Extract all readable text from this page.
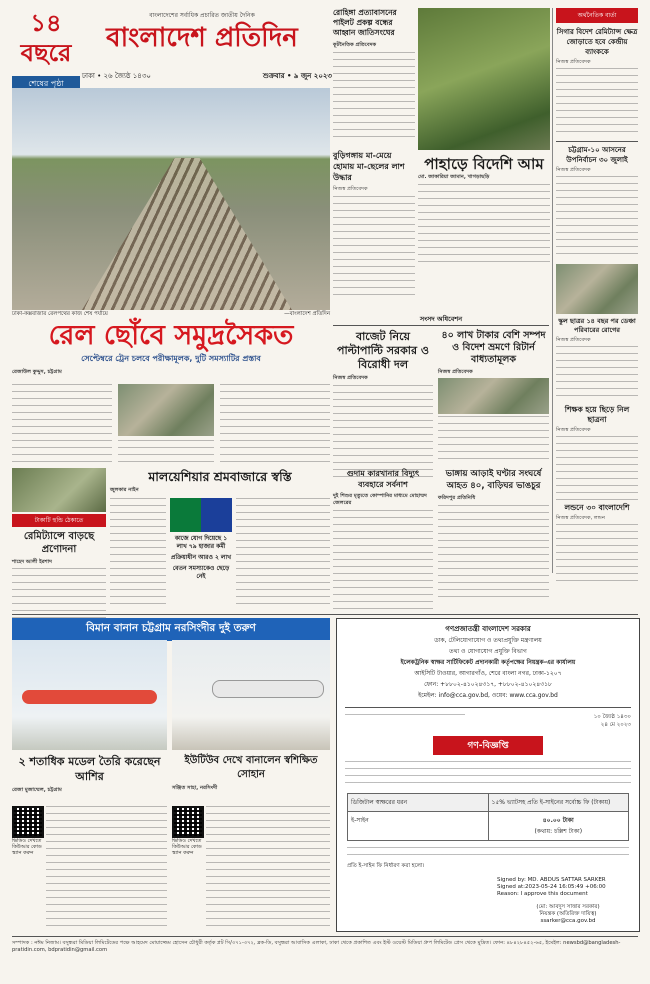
১৪ বছরে
শেষের পৃষ্ঠা
বাংলাদেশের সর্বাধিক প্রচারিত জাতীয় দৈনিক
বাংলাদেশ প্রতিদিন
ঢাকা • ২৬ জ্যৈষ্ঠ ১৪৩০	শুক্রবার • ৯ জুন ২০২৩
রোহিঙ্গা প্রত্যাবাসনের পাইলট প্রকল্প বন্ধের আহ্বান জাতিসংঘের
কূটনৈতিক প্রতিবেদক
বুড়িগঙ্গায় মা-মেয়ে হোমায় মা-ছেলের লাশ উদ্ধার
নিজস্ব প্রতিবেদক
পাহাড়ে বিদেশি আম
মো. জাকারিয়া জামান, খাগড়াছড়ি
ঢাকা-কক্সবাজার রেলপথের কাজ শেষ পর্যায়ে	—বাংলাদেশ প্রতিদিন
অর্থনৈতিক বার্তা
সিগার বিদেশ রেমিট্যান্স ক্ষেত্র জোড়াতে হবে কেন্দ্রীয় ব্যাংককে
নিজস্ব প্রতিবেদক
চট্টগ্রাম-১০ আসনের উপনির্বাচন ৩০ জুলাই
নিজস্ব প্রতিবেদক
স্কুল ছাত্রর ১৪ বছর পর ডেঞ্চা পরিবারের রোগের
নিজস্ব প্রতিবেদক
শিক্ষক হয়ে ছিড়ে নিল ছাত্রনা
নিজস্ব প্রতিবেদক
লন্ডনে ৩০ বাংলাদেশি
নিজস্ব প্রতিবেদক, লন্ডন
রেল ছোঁবে সমুদ্রসৈকত
সেপ্টেম্বরে ট্রেন চলবে পরীক্ষামূলক, দুটি সমস্যাটির প্রস্তাব
রেজাউল কুদ্দুস, চট্টগ্রাম
সংসদ অধিবেশন
বাজেট নিয়ে পাল্টাপাল্টি সরকার ও বিরোধী দল
নিজস্ব প্রতিবেদক
৪০ লাখ টাকার বেশি সম্পদ ও বিদেশ ভ্রমণে রিটার্ন বাধ্যতামূলক
নিজস্ব প্রতিবেদক
টাকাটি হুন্ডি ঠেকাতে
রেমিট্যান্সে বাড়ছে প্রণোদনা
শাহেদ আলী ইরশাদ
মালয়েশিয়ার শ্রমবাজারে স্বস্তি
জুলকার নাইন
কাজে যোগ দিয়েছে ১ লাখ ৭৯ হাজার কর্মী
প্রক্রিয়াধীন আরও ২ লাখ
বেতন সমস্যাকেও ছেড়ে নেই
গুদাম কারখানার বিদ্যুৎ ব্যবহারে সর্বনাশ
দুই শিশুর মৃত্যুতে কোম্পানির মাধ্যমে মোহাম্মদ জেলরের
ভাঙ্গায় আড়াই ঘণ্টার সংঘর্ষে আহত ৪০, বাড়িঘর ভাঙচুর
ফরিদপুর প্রতিনিধি
বিমান বানান চট্টগ্রাম নরসিংদীর দুই তরুণ
২ শতাধিক মডেল তৈরি করেছেন আশির
রেজা মুজাম্মেল, চট্টগ্রাম
ভিডিও দেখতে কিউআর কোড স্ক্যান করুন
ইউটিউব দেখে বানালেন স্বশিক্ষিত সোহান
সঞ্জিত সাহা, নরসিংদী
ভিডিও দেখতে কিউআর কোড স্ক্যান করুন
গণপ্রজাতন্ত্রী বাংলাদেশ সরকার
ডাক, টেলিযোগাযোগ ও তথ্যপ্রযুক্তি মন্ত্রণালয়
তথ্য ও যোগাযোগ প্রযুক্তি বিভাগ
ইলেকট্রনিক স্বাক্ষর সার্টিফিকেট প্রদানকারী কর্তৃপক্ষের নিয়ন্ত্রক-এর কার্যালয়
আইসিটি টাওয়ার, আগারগাঁও, শেরে বাংলা নগর, ঢাকা-১২০৭
ফোন: +৮৮০২-৪১০২৪৩১৭, +৮৮০২-৪১০২৪৩১৮
ইমেইল: info@cca.gov.bd, ওয়েব: www.cca.gov.bd
১০ জ্যৈষ্ঠ ১৪৩০
২৪ মে ২০২৩
গণ-বিজ্ঞপ্তি
ডিজিটাল স্বাক্ষরের ধরন	১৫% ভ্যাটসহ প্রতি ই-সাইনের সর্বোচ্চ ফি (টাকায়)
ই-সাইন	৪০.০০ টাকা
(কথায়: চল্লিশ টাকা)
প্রতি ই-সাইন ফি নির্ধারণ করা হলো।
Signed by: MD. ABDUS SATTAR SARKER
Signed at:2023-05-24 16:05:49 +06:00
Reason: I approve this document
(মো: আবদুস সাত্তার সরকার)
নিয়ন্ত্রক (অতিরিক্ত দায়িত্ব)
ssarker@cca.gov.bd
সম্পাদক : নঈম নিজাম। বসুন্ধরা মিডিয়া লিমিটেডের পক্ষে আহমেদ মোয়াজ্জেম হোসেন চৌধুরী কর্তৃক প্লট সি/৩৭১-৩৭২, ব্লক-ডি, বসুন্ধরা আবাসিক এলাকা, ঢাকা থেকে প্রকাশিত এবং ইস্ট ওয়েস্ট মিডিয়া গ্রুপ লিমিটেড প্রেস থেকে মুদ্রিত। ফোন: ৪৮৪২৮৪৫২-৬৫, ইমেইল: newsbd@bangladesh-pratidin.com, bdpratidin@gmail.com
